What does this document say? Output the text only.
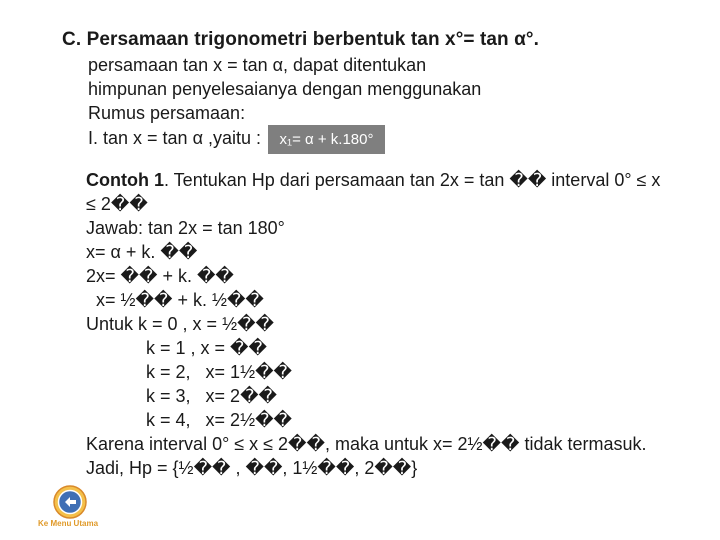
C. Persamaan trigonometri berbentuk tan x°= tan α°.
persamaan tan x = tan α, dapat ditentukan
himpunan penyelesaianya dengan menggunakan
Rumus persamaan:
I. tan x = tan α ,yaitu :	x₁= α + k.180°
Contoh 1. Tentukan Hp dari persamaan tan 2x = tan �� interval 0° ≤ x
≤ 2��
Jawab: tan 2x = tan 180°
x= α + k. ��
2x= �� + k. ��
x= ½�� + k. ½��
Untuk k = 0 , x = ½��
k = 1 , x = ��
k = 2,   x= 1½��
k = 3,   x= 2��
k = 4,   x= 2½��
Karena interval 0° ≤ x ≤ 2��, maka untuk x= 2½�� tidak termasuk.
Jadi, Hp = {½�� , ��, 1½��, 2��}
Ke Menu Utama
